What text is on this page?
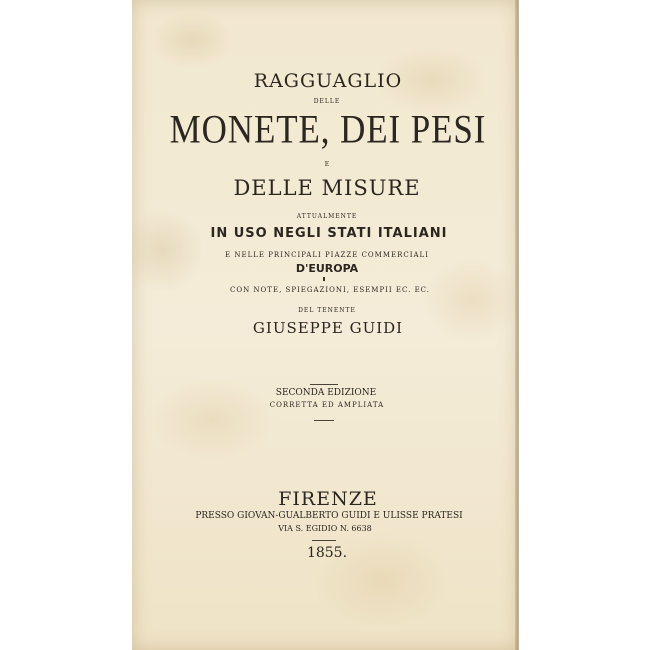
RAGGUAGLIO
DELLE
MONETE, DEI PESI
E
DELLE MISURE
ATTUALMENTE
IN USO NEGLI STATI ITALIANI
E NELLE PRINCIPALI PIAZZE COMMERCIALI
D'EUROPA
CON NOTE, SPIEGAZIONI, ESEMPII EC. EC.
DEL TENENTE
GIUSEPPE GUIDI
SECONDA EDIZIONE
CORRETTA ED AMPLIATA
FIRENZE
PRESSO GIOVAN-GUALBERTO GUIDI E ULISSE PRATESI
VIA S. EGIDIO N. 6638
1855.
